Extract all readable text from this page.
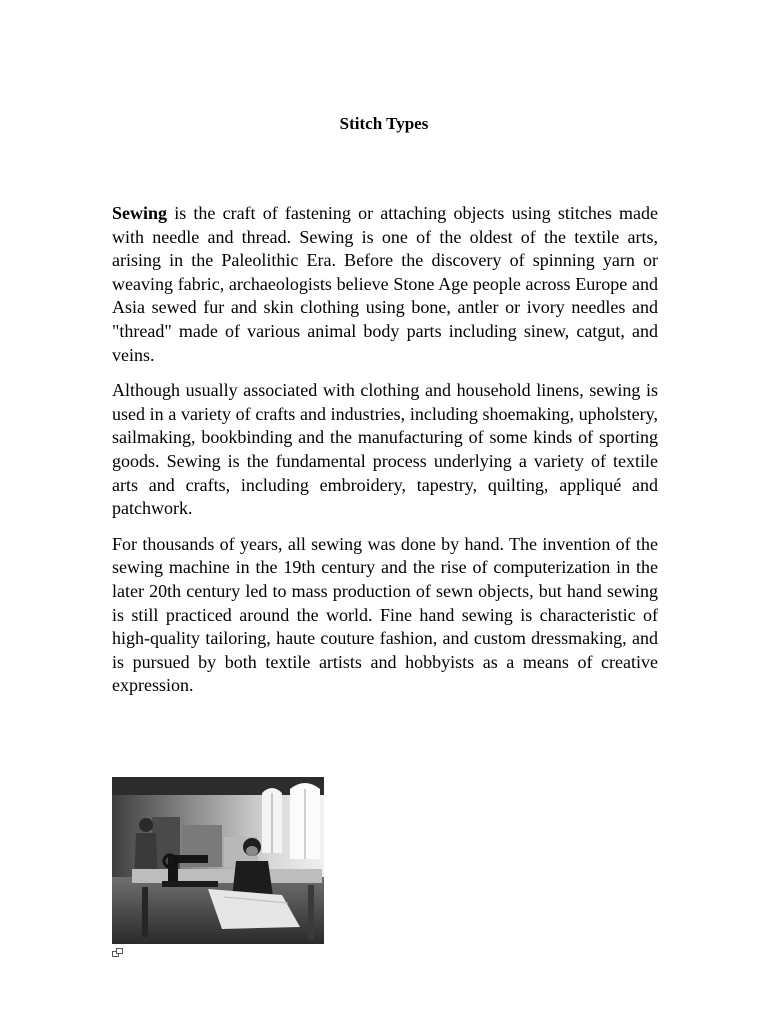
Stitch Types

Sewing is the craft of fastening or attaching objects using stitches made with needle and thread. Sewing is one of the oldest of the textile arts, arising in the Paleolithic Era. Before the discovery of spinning yarn or weaving fabric, archaeologists believe Stone Age people across Europe and Asia sewed fur and skin clothing using bone, antler or ivory needles and "thread" made of various animal body parts including sinew, catgut, and veins.

Although usually associated with clothing and household linens, sewing is used in a variety of crafts and industries, including shoemaking, upholstery, sailmaking, bookbinding and the manufacturing of some kinds of sporting goods. Sewing is the fundamental process underlying a variety of textile arts and crafts, including embroidery, tapestry, quilting, appliqué and patchwork.

For thousands of years, all sewing was done by hand. The invention of the sewing machine in the 19th century and the rise of computerization in the later 20th century led to mass production of sewn objects, but hand sewing is still practiced around the world. Fine hand sewing is characteristic of high-quality tailoring, haute couture fashion, and custom dressmaking, and is pursued by both textile artists and hobbyists as a means of creative expression.
